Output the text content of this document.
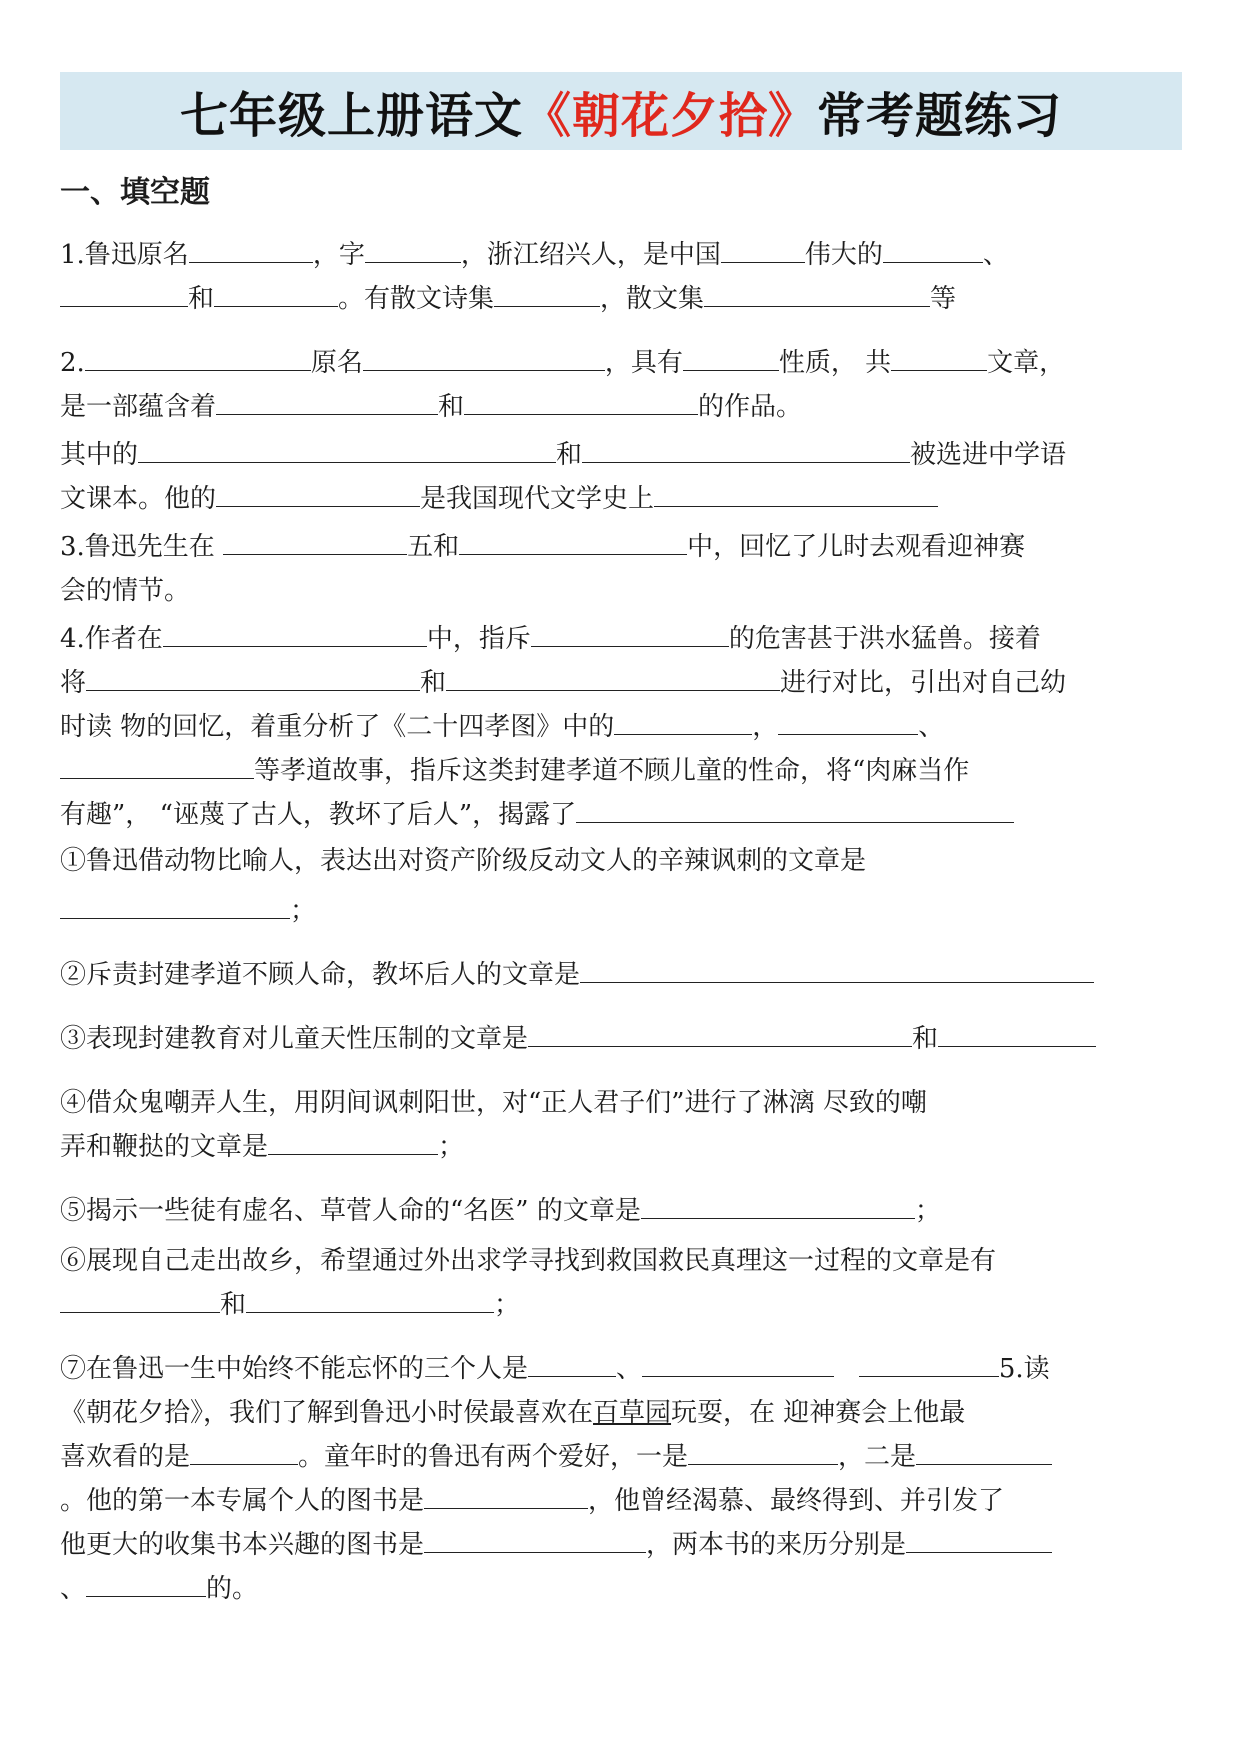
七年级上册语文《朝花夕拾》常考题练习
一、填空题
1.鲁迅原名	，字	，浙江绍兴人，是中国	伟大的	、
和	。有散文诗集	，散文集	等
2.	原名	，具有	性质， 共	文章，
是一部蕴含着	和	的作品。
其中的	和	被选进中学语
文课本。他的	是我国现代文学史上
3.鲁迅先生在	五和	中，回忆了儿时去观看迎神赛
会的情节。
4.作者在	中，指斥	的危害甚于洪水猛兽。接着
将	和	进行对比，引出对自己幼
时读 物的回忆，着重分析了《二十四孝图》中的	，	、
等孝道故事，指斥这类封建孝道不顾儿童的性命，将“肉麻当作
有趣”， “诬蔑了古人，教坏了后人”，揭露了
①鲁迅借动物比喻人，表达出对资产阶级反动文人的辛辣讽刺的文章是
；
②斥责封建孝道不顾人命，教坏后人的文章是
③表现封建教育对儿童天性压制的文章是	和
④借众鬼嘲弄人生，用阴间讽刺阳世，对“正人君子们”进行了淋漓 尽致的嘲
弄和鞭挞的文章是	；
⑤揭示一些徒有虚名、草菅人命的“名医” 的文章是	；
⑥展现自己走出故乡，希望通过外出求学寻找到救国救民真理这一过程的文章是有
和	；
⑦在鲁迅一生中始终不能忘怀的三个人是	、	5.读
《朝花夕拾》，我们了解到鲁迅小时侯最喜欢在百草园玩耍，在 迎神赛会上他最
喜欢看的是	。童年时的鲁迅有两个爱好，一是	，二是
。他的第一本专属个人的图书是	，他曾经渴慕、最终得到、并引发了
他更大的收集书本兴趣的图书是	，两本书的来历分别是
、	的。
